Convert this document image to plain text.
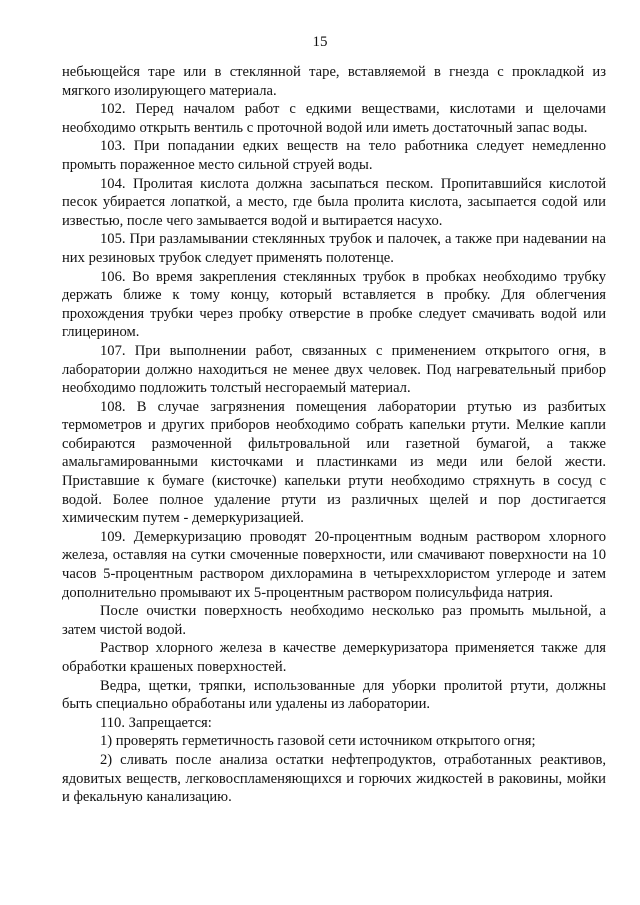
15

небьющейся таре или в стеклянной таре, вставляемой в гнезда с прокладкой из мягкого изолирующего материала.

102. Перед началом работ с едкими веществами, кислотами и щелочами необходимо открыть вентиль с проточной водой или иметь достаточный запас воды.

103. При попадании едких веществ на тело работника следует немедленно промыть пораженное место сильной струей воды.

104. Пролитая кислота должна засыпаться песком. Пропитавшийся кислотой песок убирается лопаткой, а место, где была пролита кислота, засыпается содой или известью, после чего замывается водой и вытирается насухо.

105. При разламывании стеклянных трубок и палочек, а также при надевании на них резиновых трубок следует применять полотенце.

106. Во время закрепления стеклянных трубок в пробках необходимо трубку держать ближе к тому концу, который вставляется в пробку. Для облегчения прохождения трубки через пробку отверстие в пробке следует смачивать водой или глицерином.

107. При выполнении работ, связанных с применением открытого огня, в лаборатории должно находиться не менее двух человек. Под нагревательный прибор необходимо подложить толстый несгораемый материал.

108. В случае загрязнения помещения лаборатории ртутью из разбитых термометров и других приборов необходимо собрать капельки ртути. Мелкие капли собираются размоченной фильтровальной или газетной бумагой, а также амальгамированными кисточками и пластинками из меди или белой жести. Приставшие к бумаге (кисточке) капельки ртути необходимо стряхнуть в сосуд с водой. Более полное удаление ртути из различных щелей и пор достигается химическим путем - демеркуризацией.

109. Демеркуризацию проводят 20-процентным водным раствором хлорного железа, оставляя на сутки смоченные поверхности, или смачивают поверхности на 10 часов 5-процентным раствором дихлорамина в четыреххлористом углероде и затем дополнительно промывают их 5-процентным раствором полисульфида натрия.

После очистки поверхность необходимо несколько раз промыть мыльной, а затем чистой водой.

Раствор хлорного железа в качестве демеркуризатора применяется также для обработки крашеных поверхностей.

Ведра, щетки, тряпки, использованные для уборки пролитой ртути, должны быть специально обработаны или удалены из лаборатории.

110. Запрещается:

1) проверять герметичность газовой сети источником открытого огня;

2) сливать после анализа остатки нефтепродуктов, отработанных реактивов, ядовитых веществ, легковоспламеняющихся и горючих жидкостей в раковины, мойки и фекальную канализацию.
